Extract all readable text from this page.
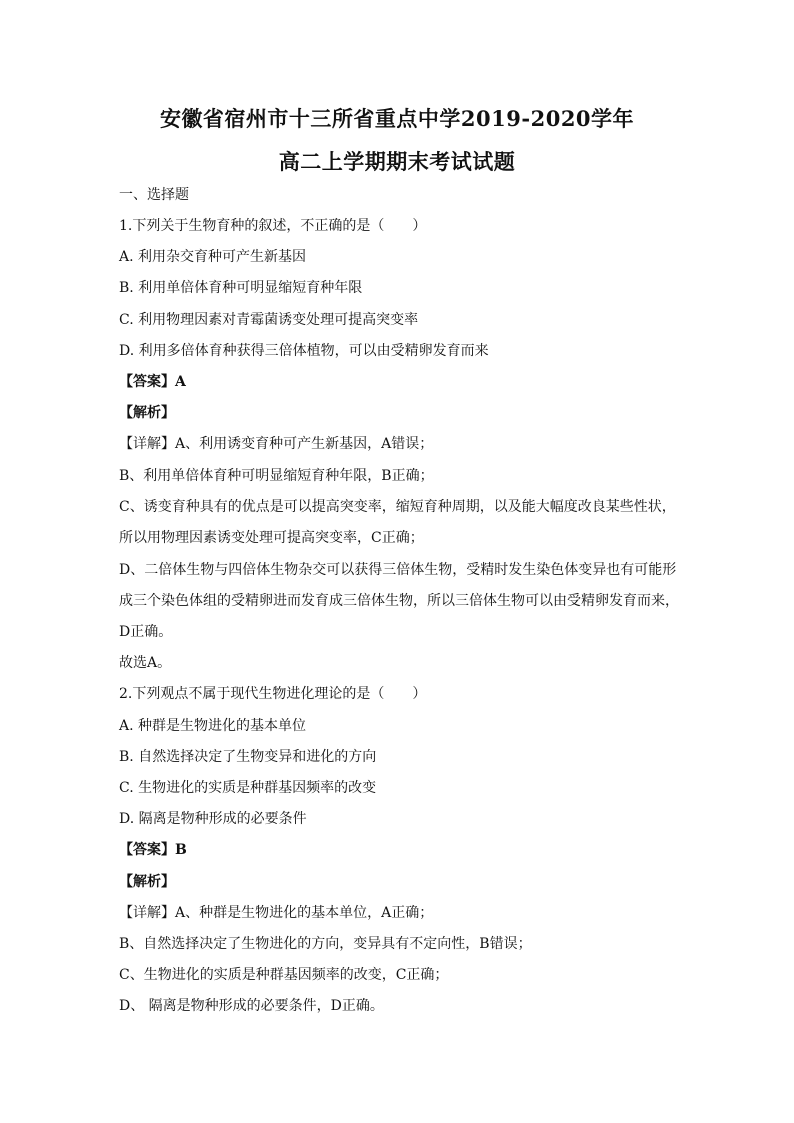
安徽省宿州市十三所省重点中学2019-2020学年
高二上学期期末考试试题
一、选择题
1.下列关于生物育种的叙述，不正确的是（　　）
A. 利用杂交育种可产生新基因
B. 利用单倍体育种可明显缩短育种年限
C. 利用物理因素对青霉菌诱变处理可提高突变率
D. 利用多倍体育种获得三倍体植物，可以由受精卵发育而来
【答案】A
【解析】
【详解】A、利用诱变育种可产生新基因，A错误；
B、利用单倍体育种可明显缩短育种年限，B正确；
C、诱变育种具有的优点是可以提高突变率，缩短育种周期，以及能大幅度改良某些性状，
所以用物理因素诱变处理可提高突变率，C正确；
D、二倍体生物与四倍体生物杂交可以获得三倍体生物，受精时发生染色体变异也有可能形
成三个染色体组的受精卵进而发育成三倍体生物，所以三倍体生物可以由受精卵发育而来，
D正确。
故选A。
2.下列观点不属于现代生物进化理论的是（　　）
A. 种群是生物进化的基本单位
B. 自然选择决定了生物变异和进化的方向
C. 生物进化的实质是种群基因频率的改变
D. 隔离是物种形成的必要条件
【答案】B
【解析】
【详解】A、种群是生物进化的基本单位，A正确；
B、自然选择决定了生物进化的方向，变异具有不定向性，B错误；
C、生物进化的实质是种群基因频率的改变，C正确；
D、 隔离是物种形成的必要条件，D正确。
